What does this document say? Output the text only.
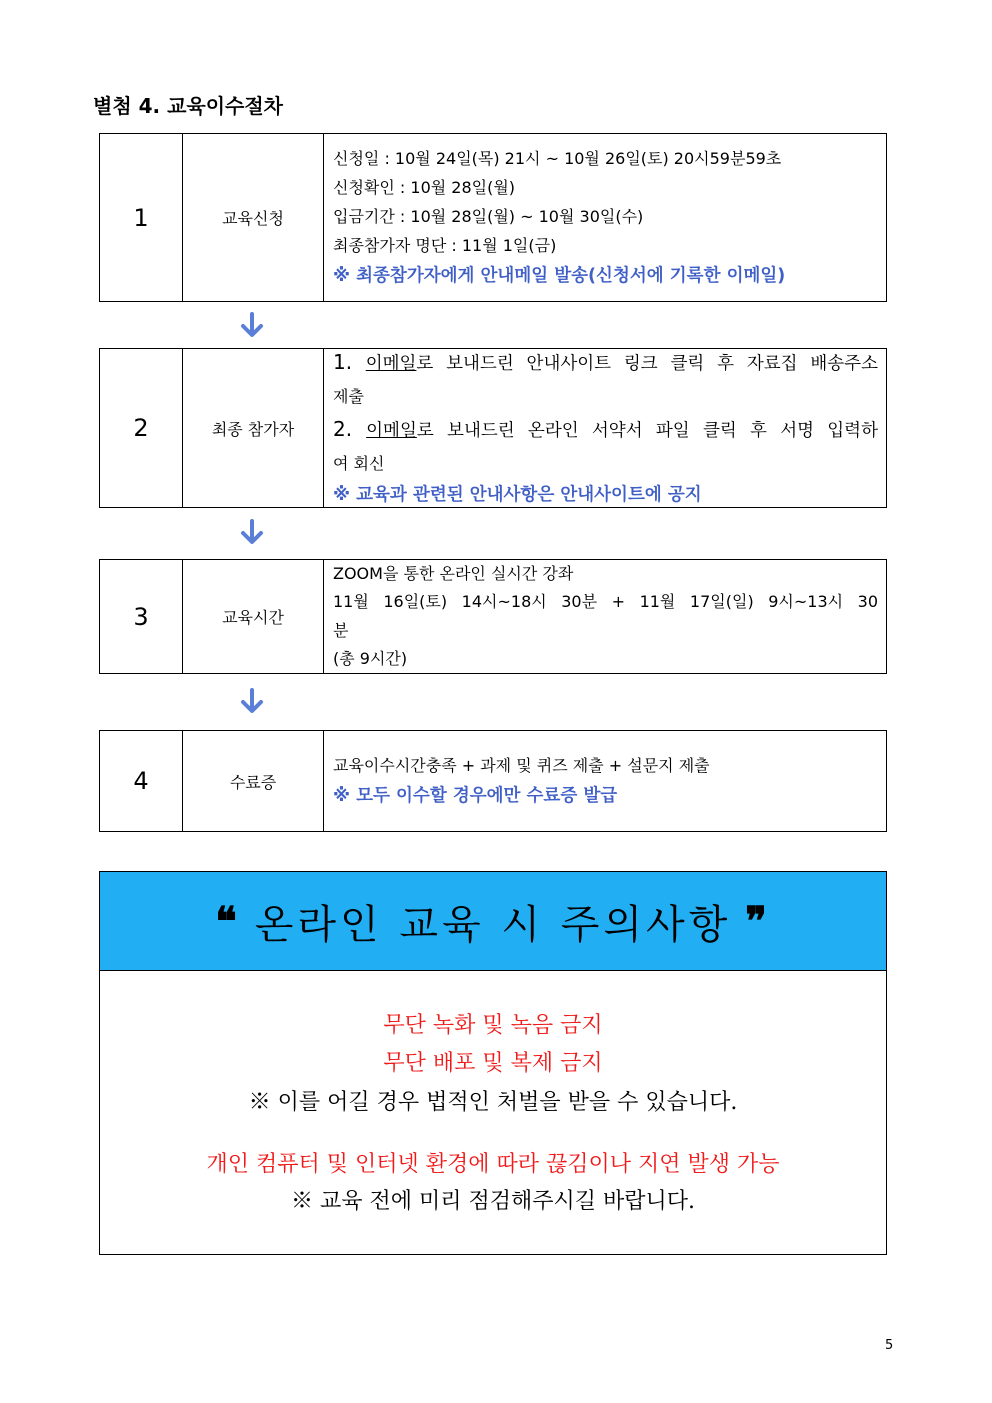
별첨 4. 교육이수절차
1	교육신청
신청일 : 10월 24일(목) 21시 ~ 10월 26일(토) 20시59분59초
신청확인 : 10월 28일(월)
입금기간 : 10월 28일(월) ~ 10월 30일(수)
최종참가자 명단 : 11월 1일(금)
※ 최종참가자에게 안내메일 발송(신청서에 기록한 이메일)
2	최종 참가자
1. 이메일로 보내드린 안내사이트 링크 클릭 후 자료집 배송주소
제출
2. 이메일로 보내드린 온라인 서약서 파일 클릭 후 서명 입력하
여 회신
※ 교육과 관련된 안내사항은 안내사이트에 공지
3	교육시간
ZOOM을 통한 온라인 실시간 강좌
11월 16일(토) 14시~18시 30분 + 11월 17일(일) 9시~13시 30
분
(총 9시간)
4	수료증
교육이수시간충족 + 과제 및 퀴즈 제출 + 설문지 제출
※ 모두 이수할 경우에만 수료증 발급
❝ 온라인 교육 시 주의사항 ❞
무단 녹화 및 녹음 금지
무단 배포 및 복제 금지
※ 이를 어길 경우 법적인 처벌을 받을 수 있습니다.
개인 컴퓨터 및 인터넷 환경에 따라 끊김이나 지연 발생 가능
※ 교육 전에 미리 점검해주시길 바랍니다.
5
